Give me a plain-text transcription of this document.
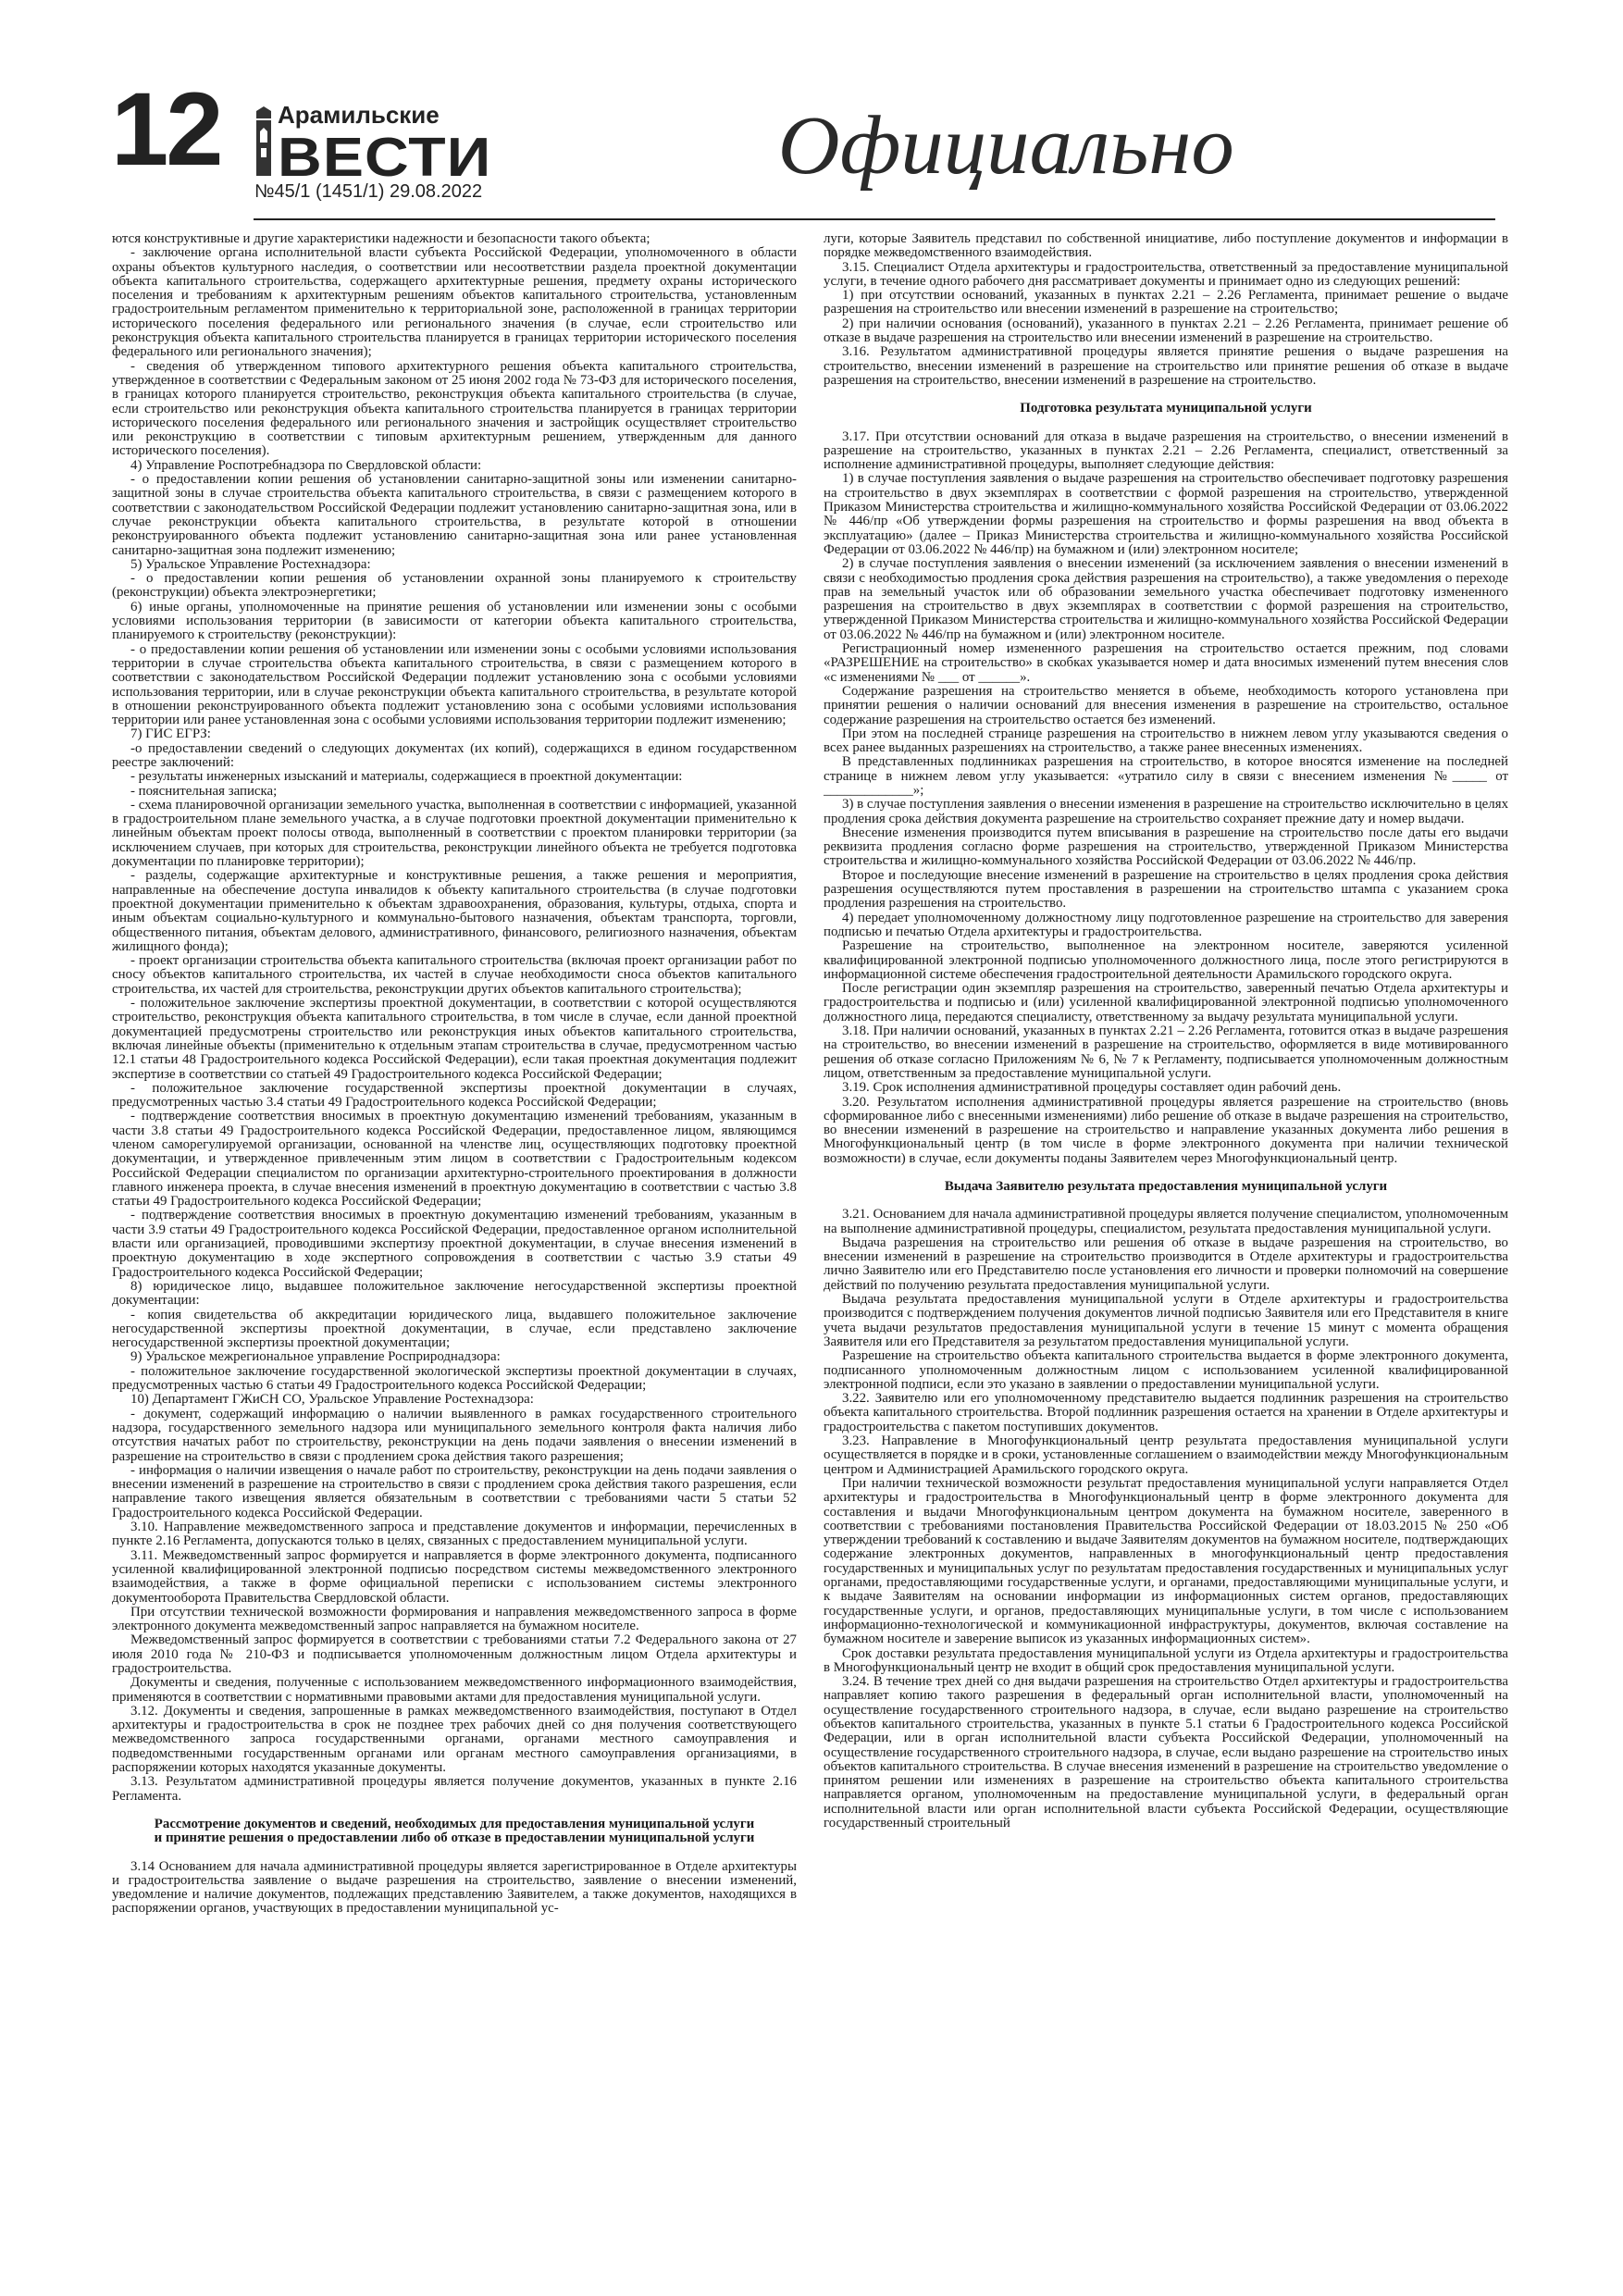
12 Арамильские
ВЕСТИ
№45/1 (1451/1) 29.08.2022	Официально

ются конструктивные и другие характеристики надежности и безопасности такого объекта;

- заключение органа исполнительной власти субъекта Российской Федерации, уполномоченного в области охраны объектов культурного наследия, о соответствии или несоответствии раздела проектной документации объекта капитального строительства, содержащего архитектурные решения, предмету охраны исторического поселения и требованиям к архитектурным решениям объектов капитального строительства, установленным градостроительным регламентом применительно к территориальной зоне, расположенной в границах территории исторического поселения федерального или регионального значения (в случае, если строительство или реконструкция объекта капитального строительства планируется в границах территории исторического поселения федерального или регионального значения);

- сведения об утвержденном типового архитектурного решения объекта капитального строительства, утвержденное в соответствии с Федеральным законом от 25 июня 2002 года № 73-ФЗ для исторического поселения, в границах которого планируется строительство, реконструкция объекта капитального строительства (в случае, если строительство или реконструкция объекта капитального строительства планируется в границах территории исторического поселения федерального или регионального значения и застройщик осуществляет строительство или реконструкцию в соответствии с типовым архитектурным решением, утвержденным для данного исторического поселения).

4) Управление Роспотребнадзора по Свердловской области:

- о предоставлении копии решения об установлении санитарно-защитной зоны или изменении санитарно-защитной зоны в случае строительства объекта капитального строительства, в связи с размещением которого в соответствии с законодательством Российской Федерации подлежит установлению санитарно-защитная зона, или в случае реконструкции объекта капитального строительства, в результате которой в отношении реконструированного объекта подлежит установлению санитарно-защитная зона или ранее установленная санитарно-защитная зона подлежит изменению;

5) Уральское Управление Ростехнадзора:

- о предоставлении копии решения об установлении охранной зоны планируемого к строительству (реконструкции) объекта электроэнергетики;

6) иные органы, уполномоченные на принятие решения об установлении или изменении зоны с особыми условиями использования территории (в зависимости от категории объекта капитального строительства, планируемого к строительству (реконструкции):

- о предоставлении копии решения об установлении или изменении зоны с особыми условиями использования территории в случае строительства объекта капитального строительства, в связи с размещением которого в соответствии с законодательством Российской Федерации подлежит установлению зона с особыми условиями использования территории, или в случае реконструкции объекта капитального строительства, в результате которой в отношении реконструированного объекта подлежит установлению зона с особыми условиями использования территории или ранее установленная зона с особыми условиями использования территории подлежит изменению;

7) ГИС ЕГРЗ:

-о предоставлении сведений о следующих документах (их копий), содержащихся в едином государственном реестре заключений:

- результаты инженерных изысканий и материалы, содержащиеся в проектной документации:

- пояснительная записка;

- схема планировочной организации земельного участка, выполненная в соответствии с информацией, указанной в градостроительном плане земельного участка, а в случае подготовки проектной документации применительно к линейным объектам проект полосы отвода, выполненный в соответствии с проектом планировки территории (за исключением случаев, при которых для строительства, реконструкции линейного объекта не требуется подготовка документации по планировке территории);

- разделы, содержащие архитектурные и конструктивные решения, а также решения и мероприятия, направленные на обеспечение доступа инвалидов к объекту капитального строительства (в случае подготовки проектной документации применительно к объектам здравоохранения, образования, культуры, отдыха, спорта и иным объектам социально-культурного и коммунально-бытового назначения, объектам транспорта, торговли, общественного питания, объектам делового, административного, финансового, религиозного назначения, объектам жилищного фонда);

- проект организации строительства объекта капитального строительства (включая проект организации работ по сносу объектов капитального строительства, их частей в случае необходимости сноса объектов капитального строительства, их частей для строительства, реконструкции других объектов капитального строительства);

- положительное заключение экспертизы проектной документации, в соответствии с которой осуществляются строительство, реконструкция объекта капитального строительства, в том числе в случае, если данной проектной документацией предусмотрены строительство или реконструкция иных объектов капитального строительства, включая линейные объекты (применительно к отдельным этапам строительства в случае, предусмотренном частью 12.1 статьи 48 Градостроительного кодекса Российской Федерации), если такая проектная документация подлежит экспертизе в соответствии со статьей 49 Градостроительного кодекса Российской Федерации;

- положительное заключение государственной экспертизы проектной документации в случаях, предусмотренных частью 3.4 статьи 49 Градостроительного кодекса Российской Федерации;

- подтверждение соответствия вносимых в проектную документацию изменений требованиям, указанным в части 3.8 статьи 49 Градостроительного кодекса Российской Федерации, предоставленное лицом, являющимся членом саморегулируемой организации, основанной на членстве лиц, осуществляющих подготовку проектной документации, и утвержденное привлеченным этим лицом в соответствии с Градостроительным кодексом Российской Федерации специалистом по организации архитектурно-строительного проектирования в должности главного инженера проекта, в случае внесения изменений в проектную документацию в соответствии с частью 3.8 статьи 49 Градостроительного кодекса Российской Федерации;

- подтверждение соответствия вносимых в проектную документацию изменений требованиям, указанным в части 3.9 статьи 49 Градостроительного кодекса Российской Федерации, предоставленное органом исполнительной власти или организацией, проводившими экспертизу проектной документации, в случае внесения изменений в проектную документацию в ходе экспертного сопровождения в соответствии с частью 3.9 статьи 49 Градостроительного кодекса Российской Федерации;

8) юридическое лицо, выдавшее положительное заключение негосударственной экспертизы проектной документации:

- копия свидетельства об аккредитации юридического лица, выдавшего положительное заключение негосударственной экспертизы проектной документации, в случае, если представлено заключение негосударственной экспертизы проектной документации;

9) Уральское межрегиональное управление Росприроднадзора:

- положительное заключение государственной экологической экспертизы проектной документации в случаях, предусмотренных частью 6 статьи 49 Градостроительного кодекса Российской Федерации;

10) Департамент ГЖиСН СО, Уральское Управление Ростехнадзора:

- документ, содержащий информацию о наличии выявленного в рамках государственного строительного надзора, государственного земельного надзора или муниципального земельного контроля факта наличия либо отсутствия начатых работ по строительству, реконструкции на день подачи заявления о внесении изменений в разрешение на строительство в связи с продлением срока действия такого разрешения;

- информация о наличии извещения о начале работ по строительству, реконструкции на день подачи заявления о внесении изменений в разрешение на строительство в связи с продлением срока действия такого разрешения, если направление такого извещения является обязательным в соответствии с требованиями части 5 статьи 52 Градостроительного кодекса Российской Федерации.

3.10. Направление межведомственного запроса и представление документов и информации, перечисленных в пункте 2.16 Регламента, допускаются только в целях, связанных с предоставлением муниципальной услуги.

3.11. Межведомственный запрос формируется и направляется в форме электронного документа, подписанного усиленной квалифицированной электронной подписью посредством системы межведомственного электронного взаимодействия, а также в форме официальной переписки с использованием системы электронного документооборота Правительства Свердловской области.

При отсутствии технической возможности формирования и направления межведомственного запроса в форме электронного документа межведомственный запрос направляется на бумажном носителе.

Межведомственный запрос формируется в соответствии с требованиями статьи 7.2 Федерального закона от 27 июля 2010 года № 210-ФЗ и подписывается уполномоченным должностным лицом Отдела архитектуры и градостроительства.

Документы и сведения, полученные с использованием межведомственного информационного взаимодействия, применяются в соответствии с нормативными правовыми актами для предоставления муниципальной услуги.

3.12. Документы и сведения, запрошенные в рамках межведомственного взаимодействия, поступают в Отдел архитектуры и градостроительства в срок не позднее трех рабочих дней со дня получения соответствующего межведомственного запроса государственными органами, органами местного самоуправления и подведомственными государственным органами или органам местного самоуправления организациями, в распоряжении которых находятся указанные документы.

3.13. Результатом административной процедуры является получение документов, указанных в пункте 2.16 Регламента.

Рассмотрение документов и сведений, необходимых для предоставления муниципальной услуги и принятие решения о предоставлении либо об отказе в предоставлении муниципальной услуги

3.14 Основанием для начала административной процедуры является зарегистрированное в Отделе архитектуры и градостроительства заявление о выдаче разрешения на строительство, заявление о внесении изменений, уведомление и наличие документов, подлежащих представлению Заявителем, а также документов, находящихся в распоряжении органов, участвующих в предоставлении муниципальной ус-

луги, которые Заявитель представил по собственной инициативе, либо поступление документов и информации в порядке межведомственного взаимодействия.

3.15. Специалист Отдела архитектуры и градостроительства, ответственный за предоставление муниципальной услуги, в течение одного рабочего дня рассматривает документы и принимает одно из следующих решений:

1) при отсутствии оснований, указанных в пунктах 2.21 – 2.26 Регламента, принимает решение о выдаче разрешения на строительство или внесении изменений в разрешение на строительство;

2) при наличии основания (оснований), указанного в пунктах 2.21 – 2.26 Регламента, принимает решение об отказе в выдаче разрешения на строительство или внесении изменений в разрешение на строительство.

3.16. Результатом административной процедуры является принятие решения о выдаче разрешения на строительство, внесении изменений в разрешение на строительство или принятие решения об отказе в выдаче разрешения на строительство, внесении изменений в разрешение на строительство.

Подготовка результата муниципальной услуги

3.17. При отсутствии оснований для отказа в выдаче разрешения на строительство, о внесении изменений в разрешение на строительство, указанных в пунктах 2.21 – 2.26 Регламента, специалист, ответственный за исполнение административной процедуры, выполняет следующие действия:

1) в случае поступления заявления о выдаче разрешения на строительство обеспечивает подготовку разрешения на строительство в двух экземплярах в соответствии с формой разрешения на строительство, утвержденной Приказом Министерства строительства и жилищно-коммунального хозяйства Российской Федерации от 03.06.2022 № 446/пр «Об утверждении формы разрешения на строительство и формы разрешения на ввод объекта в эксплуатацию» (далее – Приказ Министерства строительства и жилищно-коммунального хозяйства Российской Федерации от 03.06.2022 № 446/пр) на бумажном и (или) электронном носителе;

2) в случае поступления заявления о внесении изменений (за исключением заявления о внесении изменений в связи с необходимостью продления срока действия разрешения на строительство), а также уведомления о переходе прав на земельный участок или об образовании земельного участка обеспечивает подготовку измененного разрешения на строительство в двух экземплярах в соответствии с формой разрешения на строительство, утвержденной Приказом Министерства строительства и жилищно-коммунального хозяйства Российской Федерации от 03.06.2022 № 446/пр на бумажном и (или) электронном носителе.

Регистрационный номер измененного разрешения на строительство остается прежним, под словами «РАЗРЕШЕНИЕ на строительство» в скобках указывается номер и дата вносимых изменений путем внесения слов «с изменениями № ___ от ______».

Содержание разрешения на строительство меняется в объеме, необходимость которого установлена при принятии решения о наличии оснований для внесения изменения в разрешение на строительство, остальное содержание разрешения на строительство остается без изменений.

При этом на последней странице разрешения на строительство в нижнем левом углу указываются сведения о всех ранее выданных разрешениях на строительство, а также ранее внесенных изменениях.

В представленных подлинниках разрешения на строительство, в которое вносятся изменение на последней странице в нижнем левом углу указывается: «утратило силу в связи с внесением изменения №_____ от _____________»;

3) в случае поступления заявления о внесении изменения в разрешение на строительство исключительно в целях продления срока действия документа разрешение на строительство сохраняет прежние дату и номер выдачи.

Внесение изменения производится путем вписывания в разрешение на строительство после даты его выдачи реквизита продления согласно форме разрешения на строительство, утвержденной Приказом Министерства строительства и жилищно-коммунального хозяйства Российской Федерации от 03.06.2022 № 446/пр.

Второе и последующие внесение изменений в разрешение на строительство в целях продления срока действия разрешения осуществляются путем проставления в разрешении на строительство штампа с указанием срока продления разрешения на строительство.

4) передает уполномоченному должностному лицу подготовленное разрешение на строительство для заверения подписью и печатью Отдела архитектуры и градостроительства.

Разрешение на строительство, выполненное на электронном носителе, заверяются усиленной квалифицированной электронной подписью уполномоченного должностного лица, после этого регистрируются в информационной системе обеспечения градостроительной деятельности Арамильского городского округа.

После регистрации один экземпляр разрешения на строительство, заверенный печатью Отдела архитектуры и градостроительства и подписью и (или) усиленной квалифицированной электронной подписью уполномоченного должностного лица, передаются специалисту, ответственному за выдачу результата муниципальной услуги.

3.18. При наличии оснований, указанных в пунктах 2.21 – 2.26 Регламента, готовится отказ в выдаче разрешения на строительство, во внесении изменений в разрешение на строительство, оформляется в виде мотивированного решения об отказе согласно Приложениям № 6, № 7 к Регламенту, подписывается уполномоченным должностным лицом, ответственным за предоставление муниципальной услуги.

3.19. Срок исполнения административной процедуры составляет один рабочий день.

3.20. Результатом исполнения административной процедуры является разрешение на строительство (вновь сформированное либо с внесенными изменениями) либо решение об отказе в выдаче разрешения на строительство, во внесении изменений в разрешение на строительство и направление указанных документа либо решения в Многофункциональный центр (в том числе в форме электронного документа при наличии технической возможности) в случае, если документы поданы Заявителем через Многофункциональный центр.

Выдача Заявителю результата предоставления муниципальной услуги

3.21. Основанием для начала административной процедуры является получение специалистом, уполномоченным на выполнение административной процедуры, специалистом, результата предоставления муниципальной услуги.

Выдача разрешения на строительство или решения об отказе в выдаче разрешения на строительство, во внесении изменений в разрешение на строительство производится в Отделе архитектуры и градостроительства лично Заявителю или его Представителю после установления его личности и проверки полномочий на совершение действий по получению результата предоставления муниципальной услуги.

Выдача результата предоставления муниципальной услуги в Отделе архитектуры и градостроительства производится с подтверждением получения документов личной подписью Заявителя или его Представителя в книге учета выдачи результатов предоставления муниципальной услуги в течение 15 минут с момента обращения Заявителя или его Представителя за результатом предоставления муниципальной услуги.

Разрешение на строительство объекта капитального строительства выдается в форме электронного документа, подписанного уполномоченным должностным лицом с использованием усиленной квалифицированной электронной подписи, если это указано в заявлении о предоставлении муниципальной услуги.

3.22. Заявителю или его уполномоченному представителю выдается подлинник разрешения на строительство объекта капитального строительства. Второй подлинник разрешения остается на хранении в Отделе архитектуры и градостроительства с пакетом поступивших документов.

3.23. Направление в Многофункциональный центр результата предоставления муниципальной услуги осуществляется в порядке и в сроки, установленные соглашением о взаимодействии между Многофункциональным центром и Администрацией Арамильского городского округа.

При наличии технической возможности результат предоставления муниципальной услуги направляется Отдел архитектуры и градостроительства в Многофункциональный центр в форме электронного документа для составления и выдачи Многофункциональным центром документа на бумажном носителе, заверенного в соответствии с требованиями постановления Правительства Российской Федерации от 18.03.2015 № 250 «Об утверждении требований к составлению и выдаче Заявителям документов на бумажном носителе, подтверждающих содержание электронных документов, направленных в многофункциональный центр предоставления государственных и муниципальных услуг по результатам предоставления государственных и муниципальных услуг органами, предоставляющими государственные услуги, и органами, предоставляющими муниципальные услуги, и к выдаче Заявителям на основании информации из информационных систем органов, предоставляющих государственные услуги, и органов, предоставляющих муниципальные услуги, в том числе с использованием информационно-технологической и коммуникационной инфраструктуры, документов, включая составление на бумажном носителе и заверение выписок из указанных информационных систем».

Срок доставки результата предоставления муниципальной услуги из Отдела архитектуры и градостроительства в Многофункциональный центр не входит в общий срок предоставления муниципальной услуги.

3.24. В течение трех дней со дня выдачи разрешения на строительство Отдел архитектуры и градостроительства направляет копию такого разрешения в федеральный орган исполнительной власти, уполномоченный на осуществление государственного строительного надзора, в случае, если выдано разрешение на строительство объектов капитального строительства, указанных в пункте 5.1 статьи 6 Градостроительного кодекса Российской Федерации, или в орган исполнительной власти субъекта Российской Федерации, уполномоченный на осуществление государственного строительного надзора, в случае, если выдано разрешение на строительство иных объектов капитального строительства. В случае внесения изменений в разрешение на строительство уведомление о принятом решении или изменениях в разрешение на строительство объекта капитального строительства направляется органом, уполномоченным на предоставление муниципальной услуги, в федеральный орган исполнительной власти или орган исполнительной власти субъекта Российской Федерации, осуществляющие государственный строительный
